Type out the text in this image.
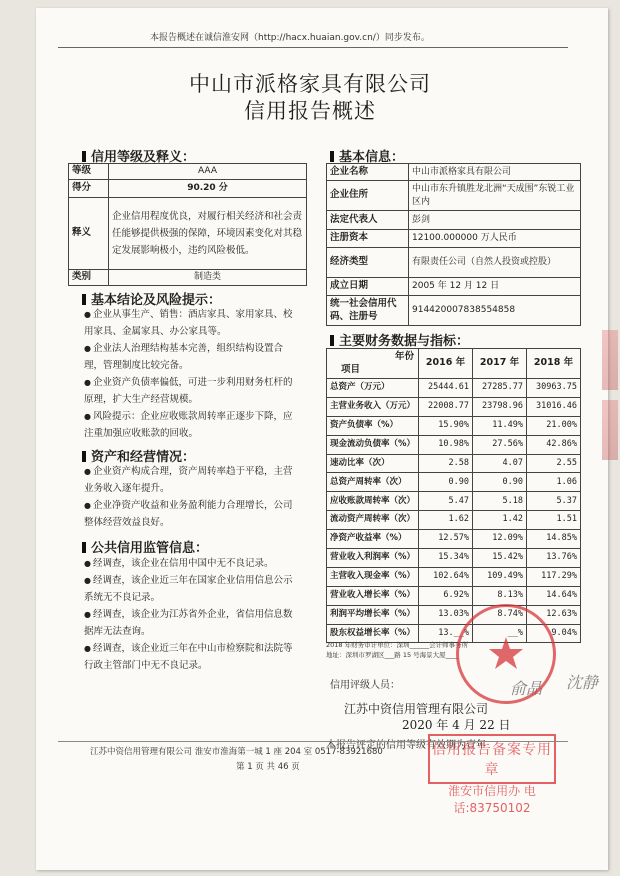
本报告概述在诚信淮安网（http://hacx.huaian.gov.cn/）同步发布。
中山市派格家具有限公司
信用报告概述
信用等级及释义：
等级	AAA
得分	90.20 分
释义	企业信用程度优良，对履行相关经济和社会责任能够提供极强的保障，环境因素变化对其稳定发展影响极小，违约风险极低。
类别	制造类
基本结论及风险提示：

● 企业从事生产、销售：酒店家具、家用家具、校用家具、金属家具、办公家具等。

● 企业法人治理结构基本完善，组织结构设置合理，管理制度比较完备。

● 企业资产负债率偏低，可进一步利用财务杠杆的原理，扩大生产经营规模。

● 风险提示：企业应收账款周转率正逐步下降，应注重加强应收账款的回收。

资产和经营情况：

● 企业资产构成合理，资产周转率趋于平稳，主营业务收入逐年提升。

● 企业净资产收益和业务盈利能力合理增长，公司整体经营效益良好。

公共信用监管信息：

● 经调查，该企业在信用中国中无不良记录。

● 经调查，该企业近三年在国家企业信用信息公示系统无不良记录。

● 经调查，该企业为江苏省外企业，省信用信息数据库无法查询。

● 经调查，该企业近三年在中山市检察院和法院等行政主管部门中无不良记录。

基本信息：
企业名称	中山市派格家具有限公司
企业住所	中山市东升镇胜龙北洲“天成围”东锐工业区内
法定代表人	彭剑
注册资本	12100.000000 万人民币
经济类型	有限责任公司（自然人投资或控股）
成立日期	2005 年 12 月 12 日
统一社会信用代码、注册号	914420007838554858
主要财务数据与指标：
年份
项目	2016 年	2017 年	2018 年
总资产（万元）	25444.61	27285.77	30963.75
主营业务收入（万元）	22008.77	23798.96	31016.46
资产负债率（%）	15.90%	11.49%	21.00%
现金流动负债率（%）	10.98%	27.56%	42.86%
速动比率（次）	2.58	4.07	2.55
总资产周转率（次）	0.90	0.90	1.06
应收账款周转率（次）	5.47	5.18	5.37
流动资产周转率（次）	1.62	1.42	1.51
净资产收益率（%）	12.57%	12.09%	14.85%
营业收入利润率（%）	15.34%	15.42%	13.76%
主营收入现金率（%）	102.64%	109.49%	117.29%
营业收入增长率（%）	6.92%	8.13%	14.64%
利润平均增长率（%）	13.03%	8.74%	12.63%
股东权益增长率（%）	13.__%	__%	9.04%
2018 年财务审计单位：深圳______会计师事务所
地址：深圳市罗湖区___路 15 号海景大厦____
信用评级人员：	俞晶 沈静
江苏中资信用管理有限公司
2020 年 4 月 22 日
本报告评定的信用等级有效期为壹年
信用报告备案专用章
淮安市信用办 电话:83750102
江苏中资信用管理有限公司 淮安市淮海第一城 1 座 204 室 0517-83921680
第 1 页 共 46 页
